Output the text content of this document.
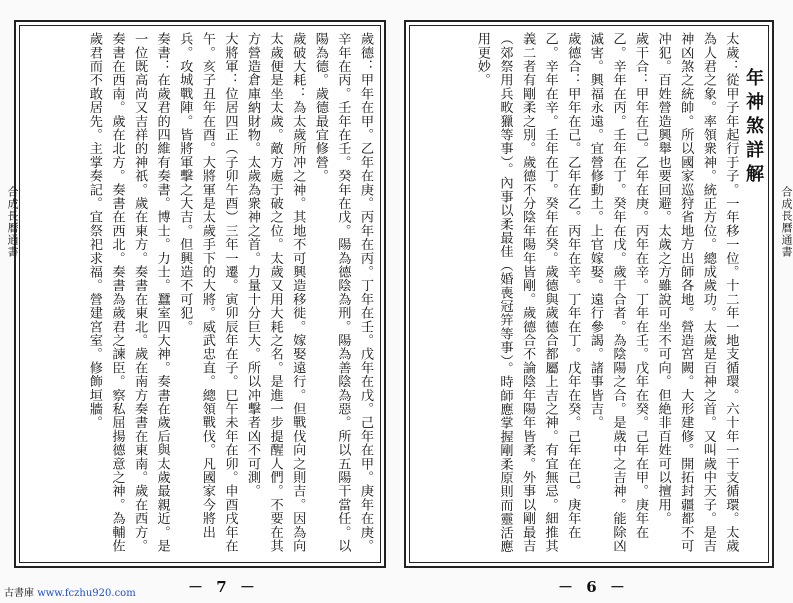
歲德：甲年在甲。乙年在庚。丙年在丙。丁年在壬。戊年在戊。己年在甲。庚年在庚。辛年在丙。壬年在壬。癸年在戊。陽為德陰為刑。陽為善陰為惡。所以五陽干當任。以陽為德。歲德最宜修營。

歲破大耗：為太歲所冲之神。其地不可興造移徙。嫁娶遠行。但戰伐向之則吉。因為向太歲便是坐太歲。敵方處于破之位。太歲又用大耗之名。是進一步提醒人們。不要在其方營造倉庫納財物。太歲為衆神之首。力量十分巨大。所以冲擊者凶不可測。

大將軍：位居四正（子卯午酉）三年一遷。寅卯辰年在子。巳午未年在卯。申酉戌年在午。亥子丑年在酉。大將軍是太歲手下的大將。威武忠直。總領戰伐。凡國家今將出兵。攻城戰陣。皆將軍擊之大吉。但興造不可犯。

奏書：在歲君的四維有奏書。博士。力士。蠶室四大神。奏書在歲后與太歲最親近。是一位既高尚又吉祥的神祇。歲在東方。奏書在東北。歲在南方奏書在東南。歲在西方。奏書在西南。歲在北方。奏書在西北。奏書為歲君之諫臣。察私屈揚德意之神。為輔佐歲君而不敢居先。主掌奏記。宜祭祀求福。營建宮室。修飾垣牆。

合成長曆通書
－ 7 －

年神煞詳解

太歲：從甲子年起行于子。一年移一位。十二年一地支循環。六十年一干支循環。太歲為人君之象。率領衆神。統正方位。總成歲功。太歲是百神之首。又叫歲中天子。是吉神凶煞之統帥。所以國家巡狩省地方出師各地。營造宮闕。大形建修。開拓封疆都不可冲犯。百姓營造興舉也要回避。太歲之方雖說可坐不可向。但絶非百姓可以擅用。

歲干合：甲年在己。乙年在庚。丙年在辛。丁年在壬。戊年在癸。己年在甲。庚年在乙。辛年在丙。壬年在丁。癸年在戊。歲干合者。為陰陽之合。是歲中之吉神。能除凶滅害。興福永遠。宜營修動土。上官嫁娶。遠行參謁。諸事皆吉。

歲德合：甲年在己。乙年在乙。丙年在辛。丁年在丁。戊年在癸。己年在己。庚年在乙。辛年在辛。壬年在丁。癸年在癸。歲德與歲德合都屬上吉之神。有宜無忌。細推其義二者有剛柔之別。歲德不分陰年陽年皆剛。歲德合不論陰年陽年皆柔。外事以剛最吉（郊祭用兵畋獵等事）。內事以柔最佳（婚喪冠笄等事）。時師應掌握剛柔原則而靈活應用更妙。

合成長曆通書
－ 6 －
古書庫 www.fczhu920.com
